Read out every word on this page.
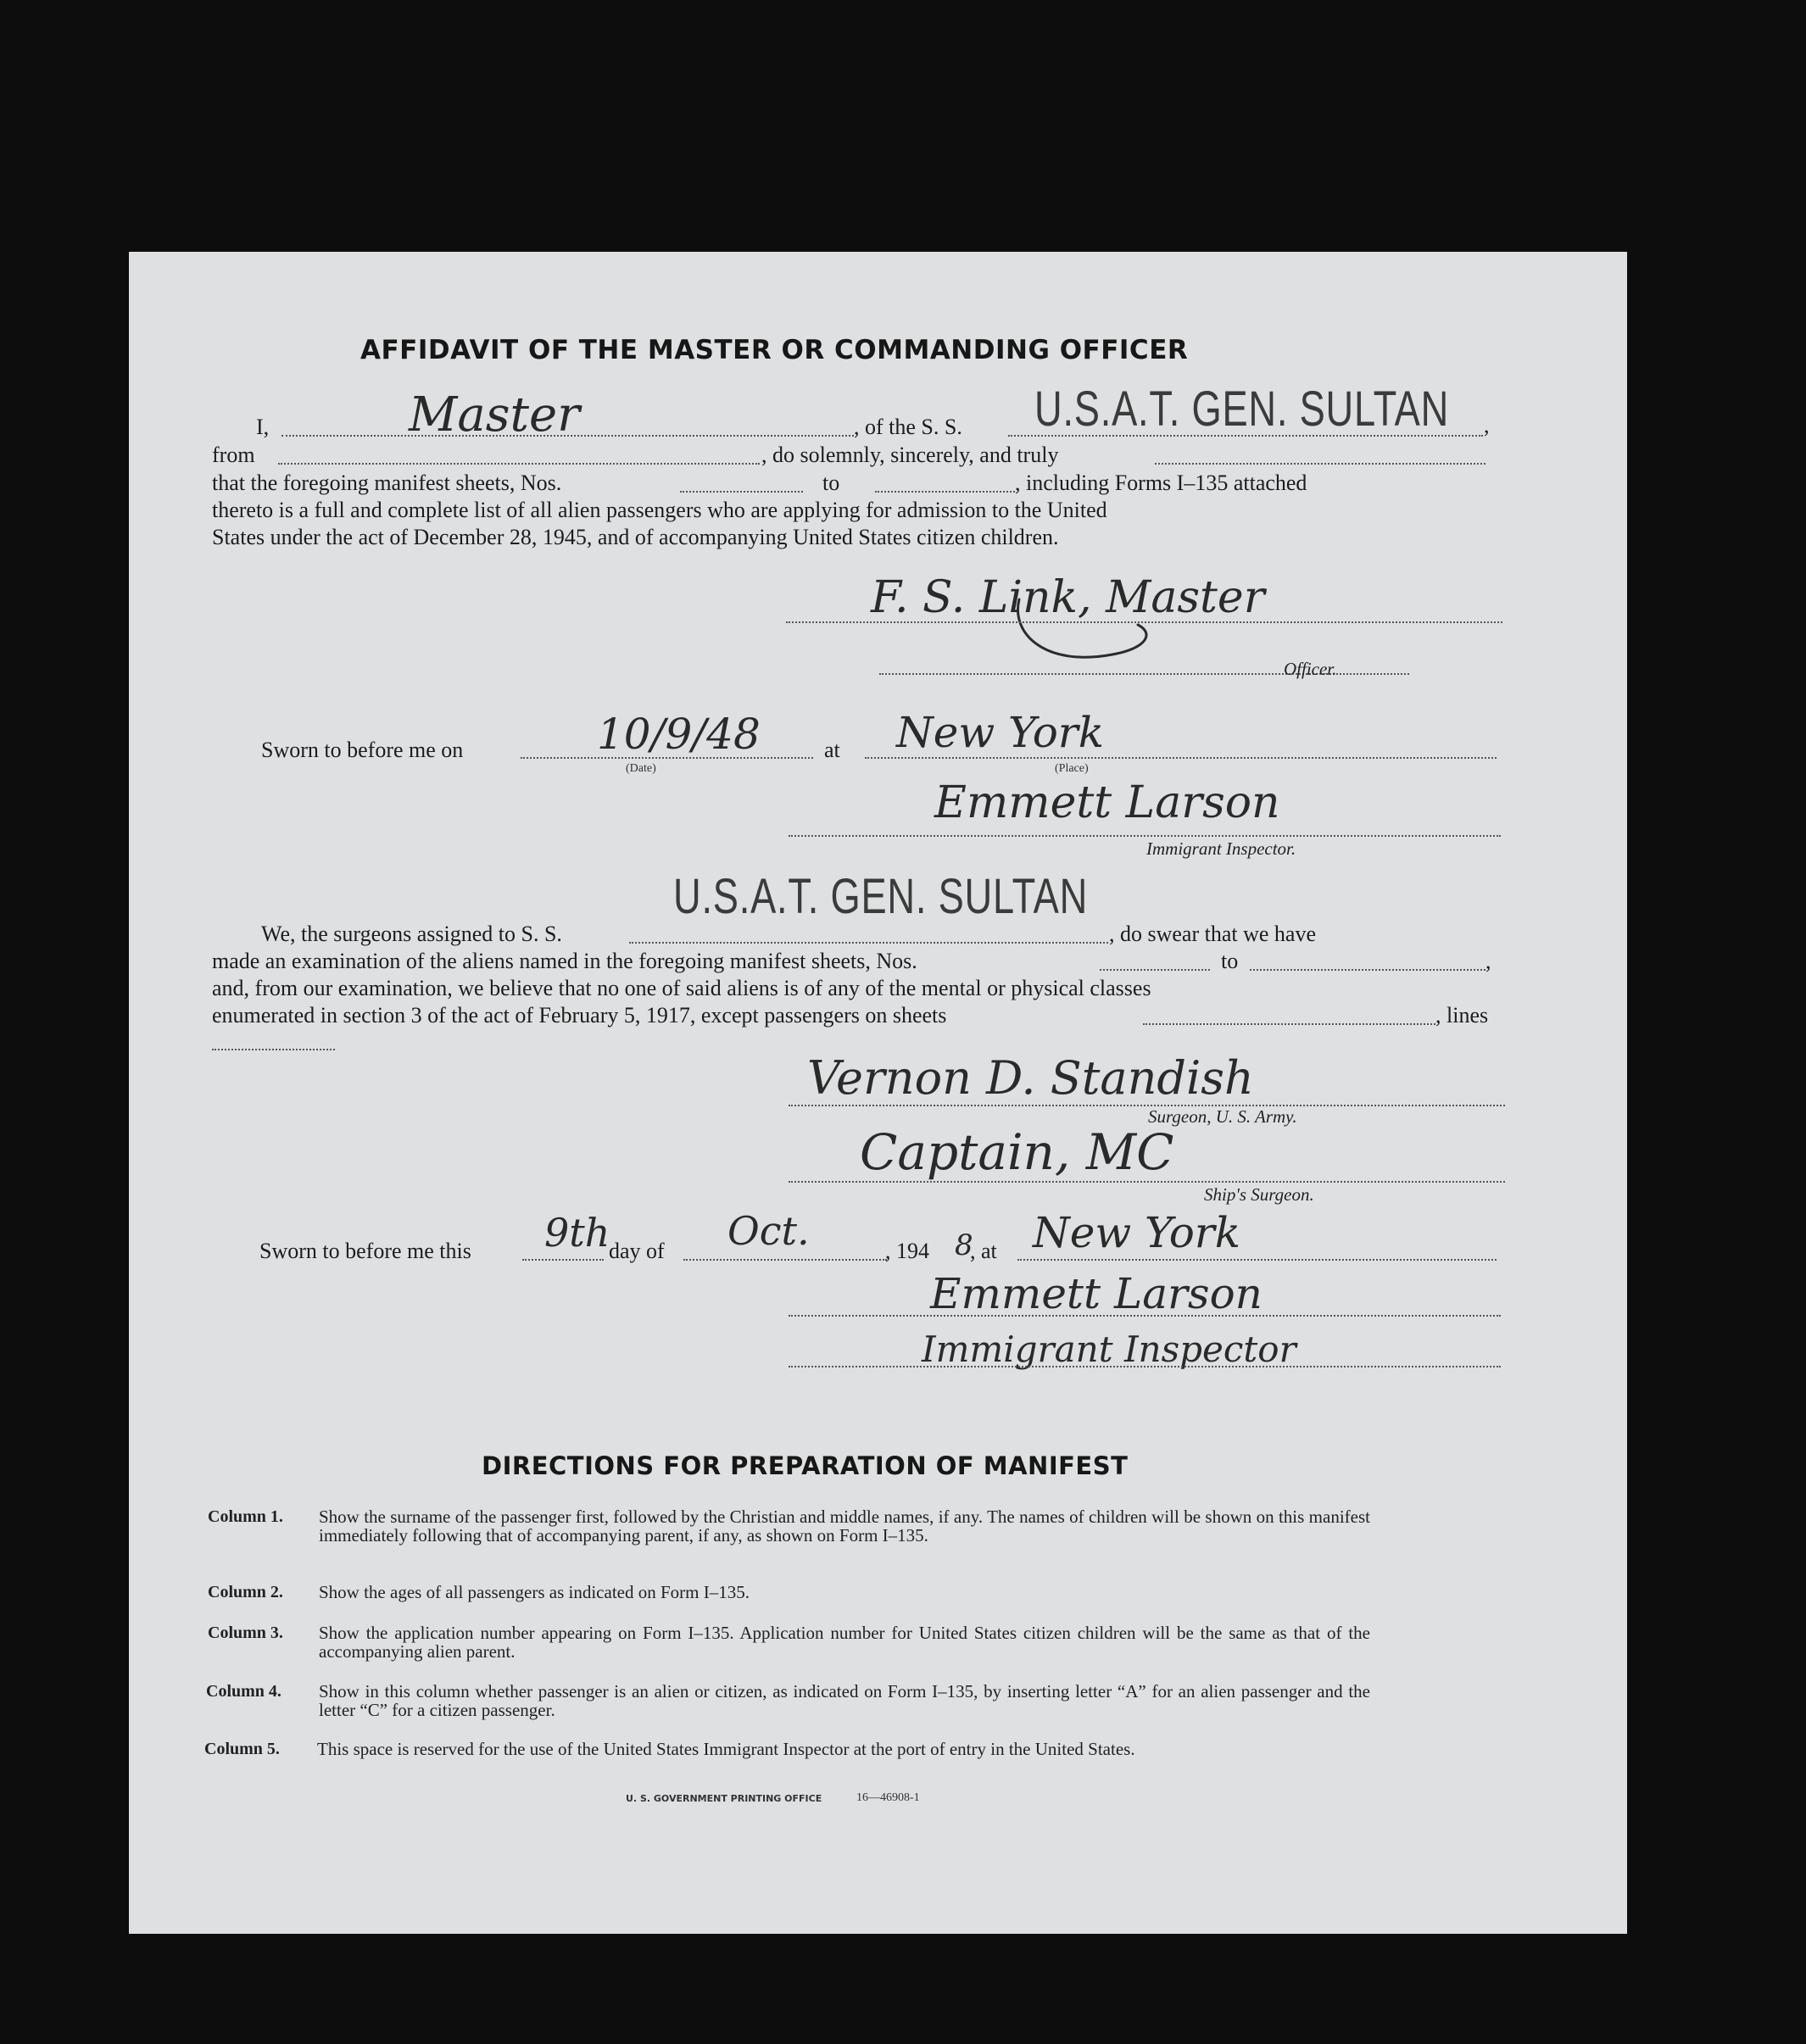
AFFIDAVIT OF THE MASTER OR COMMANDING OFFICER
I,	Master	, of the S. S. U.S.A.T. GEN. SULTAN ,
from	, do solemnly, sincerely, and truly
that the foregoing manifest sheets, Nos.	to	, including Forms I–135 attached
thereto is a full and complete list of all alien passengers who are applying for admission to the United
States under the act of December 28, 1945, and of accompanying United States citizen children.
F. S. Link, Master
Officer.
Sworn to before me on	10/9/48
(Date)
at New York
(Place)
Emmett Larson
Immigrant Inspector.
We, the surgeons assigned to S. S.
U.S.A.T. GEN. SULTAN
, do swear that we have
made an examination of the aliens named in the foregoing manifest sheets, Nos.	to	,
and, from our examination, we believe that no one of said aliens is of any of the mental or physical classes
enumerated in section 3 of the act of February 5, 1917, except passengers on sheets	, lines
Vernon D. Standish
Surgeon, U. S. Army.
Captain, MC
Ship's Surgeon.
Sworn to before me this 9th
day of Oct.	, 194 8
, at New York
Emmett Larson
Immigrant Inspector
DIRECTIONS FOR PREPARATION OF MANIFEST
Column 1. Show the surname of the passenger first, followed by the Christian and middle names, if any. The names of children will be shown on this manifest immediately following that of accompanying parent, if any, as shown on Form I–135.
Column 2. Show the ages of all passengers as indicated on Form I–135.
Column 3. Show the application number appearing on Form I–135. Application number for United States citizen children will be the same as that of the accompanying alien parent.
Column 4. Show in this column whether passenger is an alien or citizen, as indicated on Form I–135, by inserting letter “A” for an alien passenger and the letter “C” for a citizen passenger.
Column 5. This space is reserved for the use of the United States Immigrant Inspector at the port of entry in the United States.
U. S. GOVERNMENT PRINTING OFFICE	16—46908-1
